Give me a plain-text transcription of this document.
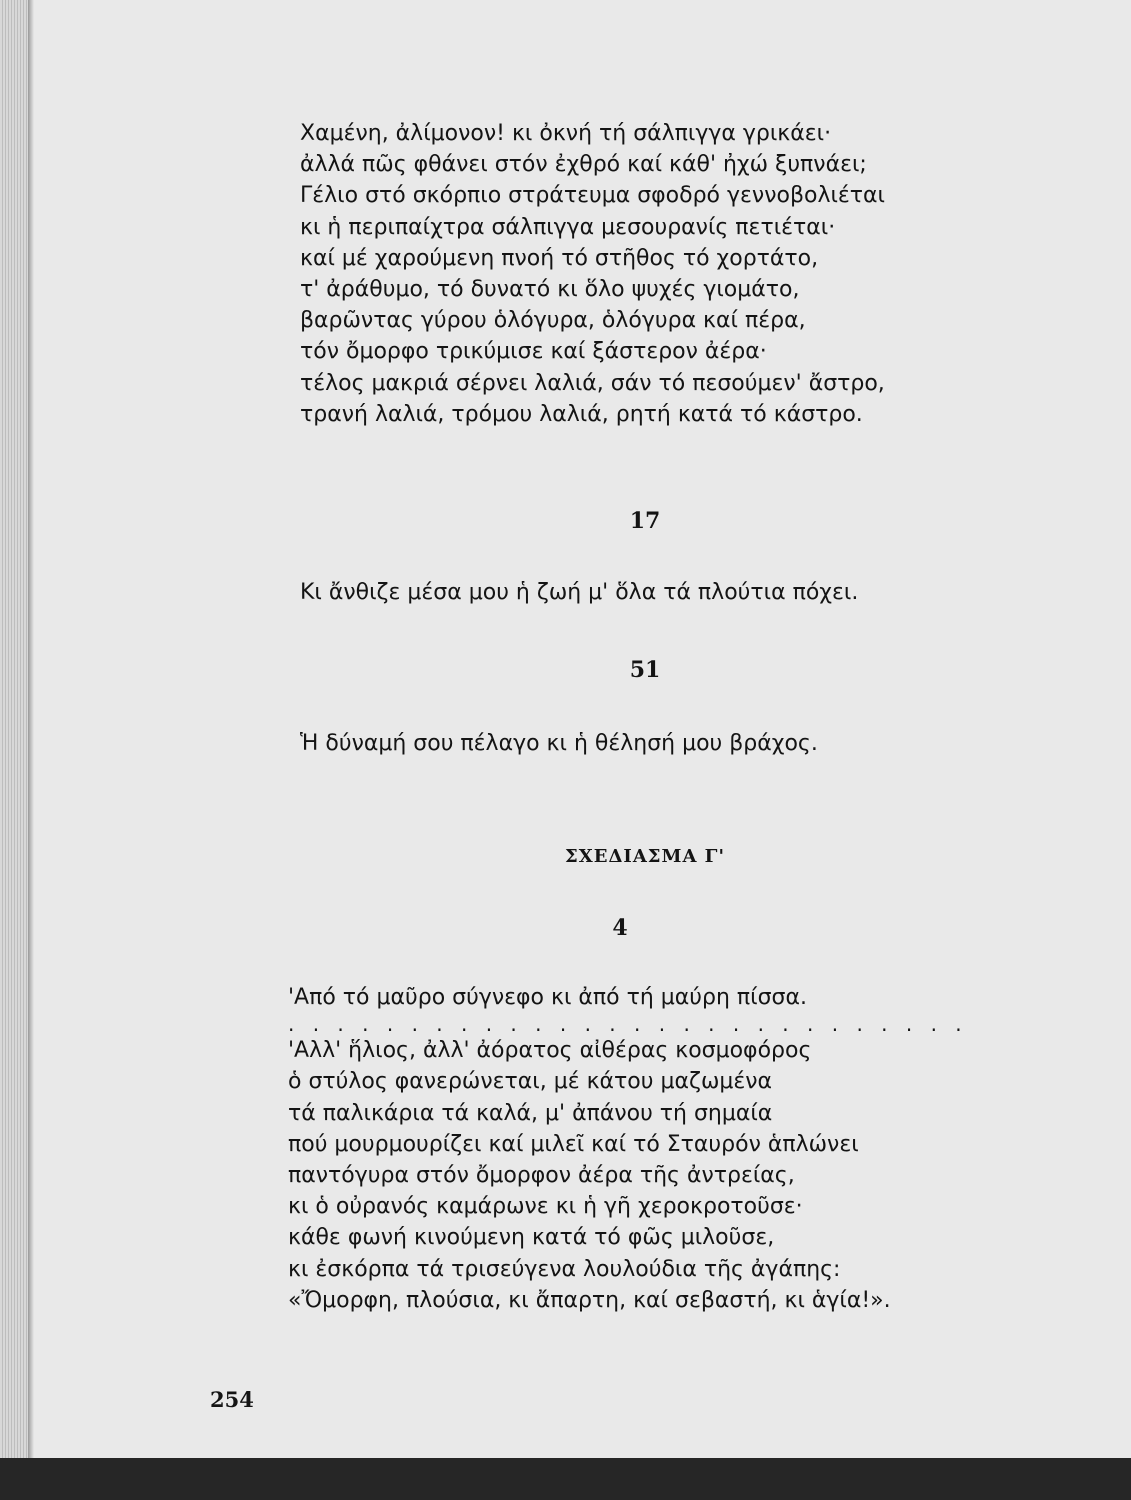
Χαμένη, ἀλίμονον! κι ὀκνή τή σάλπιγγα γρικάει·
ἀλλά πῶς φθάνει στόν ἐχθρό καί κάθ' ἠχώ ξυπνάει;
Γέλιο στό σκόρπιο στράτευμα σφοδρό γεννοβολιέται
κι ἡ περιπαίχτρα σάλπιγγα μεσουρανίς πετιέται·
καί μέ χαρούμενη πνοή τό στῆθος τό χορτάτο,
τ' ἀράθυμο, τό δυνατό κι ὅλο ψυχές γιομάτο,
βαρῶντας γύρου ὁλόγυρα, ὁλόγυρα καί πέρα,
τόν ὄμορφο τρικύμισε καί ξάστερον ἀέρα·
τέλος μακριά σέρνει λαλιά, σάν τό πεσούμεν' ἄστρο,
τρανή λαλιά, τρόμου λαλιά, ρητή κατά τό κάστρο.
17
Κι ἄνθιζε μέσα μου ἡ ζωή μ' ὅλα τά πλούτια πόχει.
51
Ἡ δύναμή σου πέλαγο κι ἡ θέλησή μου βράχος.
ΣΧΕΔΙΑΣΜΑ Γ'
4
'Από τό μαῦρο σύγνεφο κι ἀπό τή μαύρη πίσσα.
. . . . . . . . . . . . . . . . . . . . . . . . . . . .
'Αλλ' ἥλιος, ἀλλ' ἀόρατος αἰθέρας κοσμοφόρος
ὁ στύλος φανερώνεται, μέ κάτου μαζωμένα
τά παλικάρια τά καλά, μ' ἀπάνου τή σημαία
πού μουρμουρίζει καί μιλεῖ καί τό Σταυρόν ἁπλώνει
παντόγυρα στόν ὄμορφον ἀέρα τῆς ἀντρείας,
κι ὁ οὐρανός καμάρωνε κι ἡ γῆ χεροκροτοῦσε·
κάθε φωνή κινούμενη κατά τό φῶς μιλοῦσε,
κι ἐσκόρπα τά τρισεύγενα λουλούδια τῆς ἀγάπης:
«Ὄμορφη, πλούσια, κι ἄπαρτη, καί σεβαστή, κι ἁγία!».
254
